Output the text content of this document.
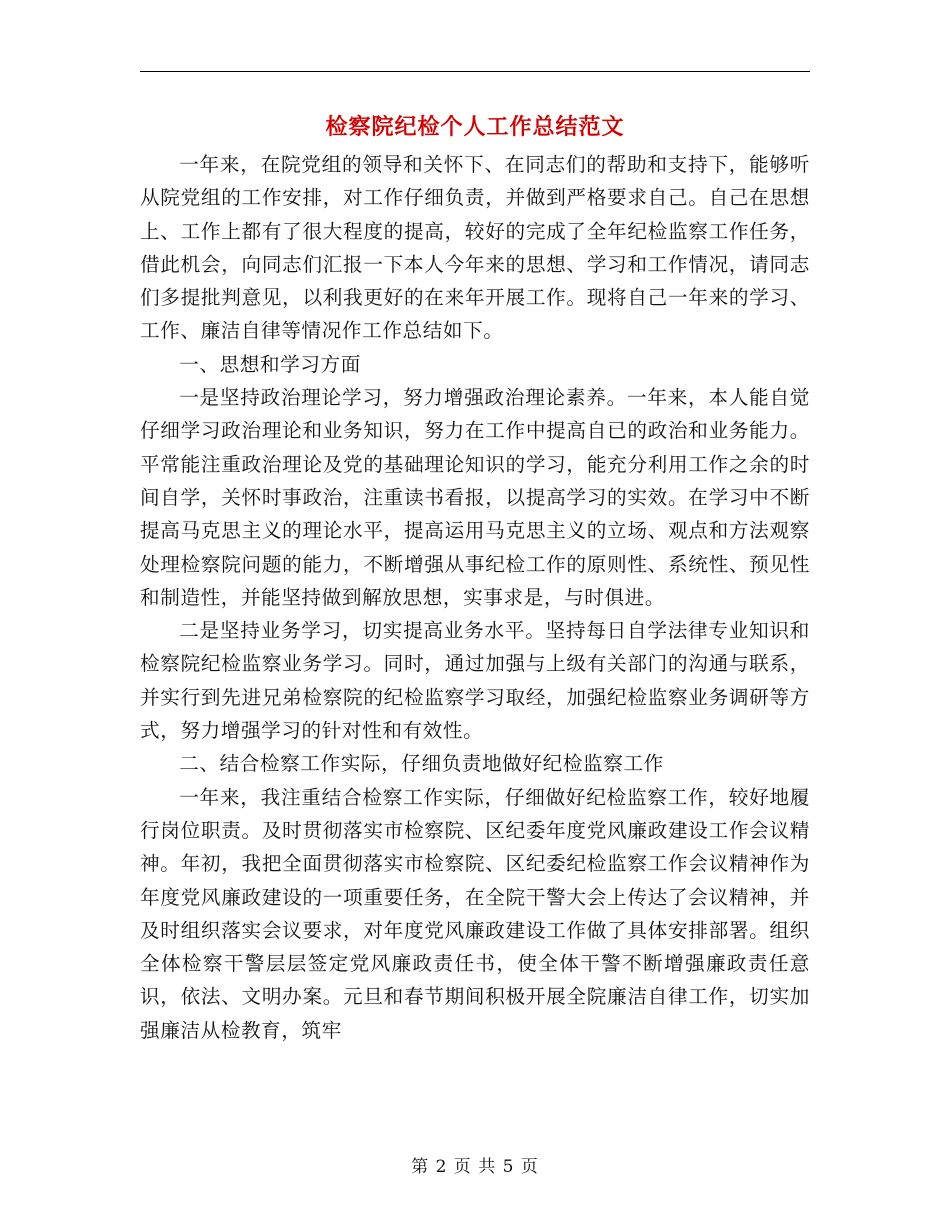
检察院纪检个人工作总结范文

一年来，在院党组的领导和关怀下、在同志们的帮助和支持下，能够听从院党组的工作安排，对工作仔细负责，并做到严格要求自己。自己在思想上、工作上都有了很大程度的提高，较好的完成了全年纪检监察工作任务，借此机会，向同志们汇报一下本人今年来的思想、学习和工作情况，请同志们多提批判意见，以利我更好的在来年开展工作。现将自己一年来的学习、工作、廉洁自律等情况作工作总结如下。

一、思想和学习方面

一是坚持政治理论学习，努力增强政治理论素养。一年来，本人能自觉仔细学习政治理论和业务知识，努力在工作中提高自已的政治和业务能力。平常能注重政治理论及党的基础理论知识的学习，能充分利用工作之余的时间自学，关怀时事政治，注重读书看报，以提高学习的实效。在学习中不断提高马克思主义的理论水平，提高运用马克思主义的立场、观点和方法观察处理检察院问题的能力，不断增强从事纪检工作的原则性、系统性、预见性和制造性，并能坚持做到解放思想，实事求是，与时俱进。

二是坚持业务学习，切实提高业务水平。坚持每日自学法律专业知识和检察院纪检监察业务学习。同时，通过加强与上级有关部门的沟通与联系，并实行到先进兄弟检察院的纪检监察学习取经，加强纪检监察业务调研等方式，努力增强学习的针对性和有效性。

二、结合检察工作实际，仔细负责地做好纪检监察工作

一年来，我注重结合检察工作实际，仔细做好纪检监察工作，较好地履行岗位职责。及时贯彻落实市检察院、区纪委年度党风廉政建设工作会议精神。年初，我把全面贯彻落实市检察院、区纪委纪检监察工作会议精神作为年度党风廉政建设的一项重要任务，在全院干警大会上传达了会议精神，并及时组织落实会议要求，对年度党风廉政建设工作做了具体安排部署。组织全体检察干警层层签定党风廉政责任书，使全体干警不断增强廉政责任意识，依法、文明办案。元旦和春节期间积极开展全院廉洁自律工作，切实加强廉洁从检教育，筑牢

第 2 页 共 5 页
